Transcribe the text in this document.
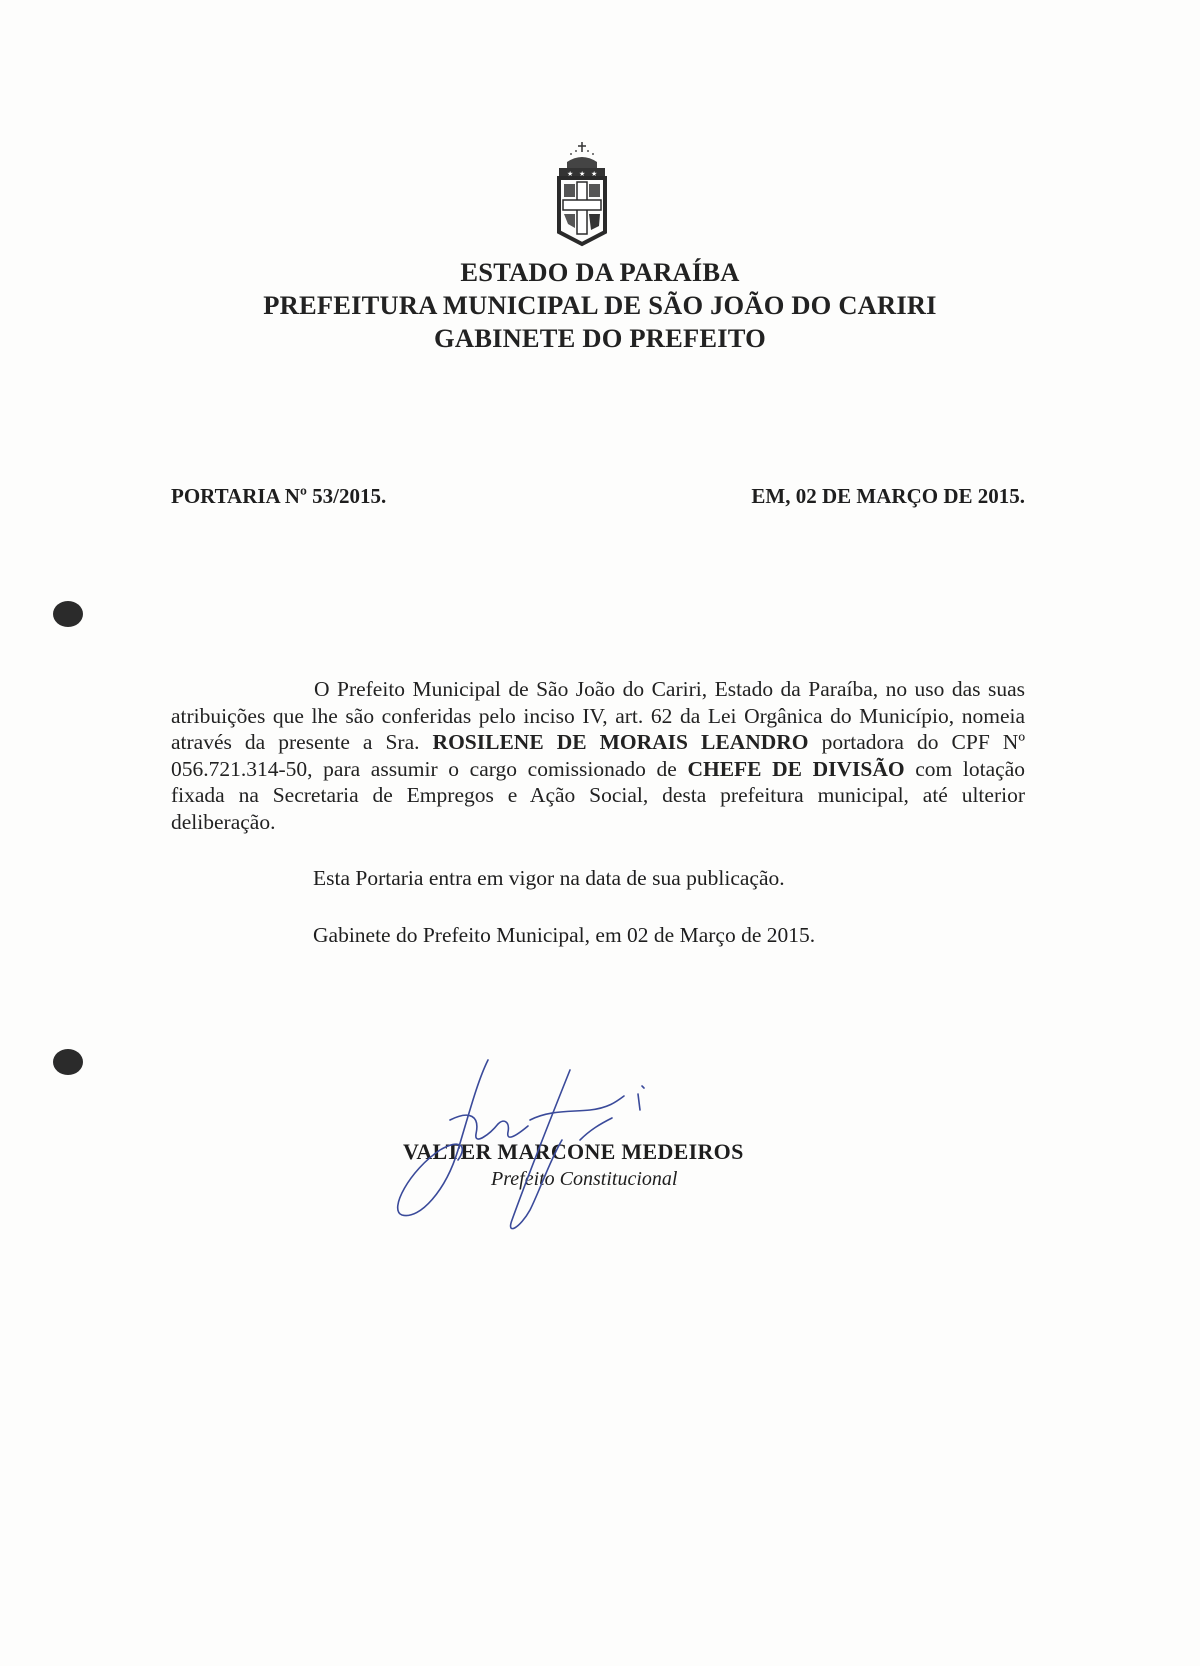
★ ★ ★
ESTADO DA PARAÍBA
PREFEITURA MUNICIPAL DE SÃO JOÃO DO CARIRI
GABINETE DO PREFEITO
PORTARIA Nº 53/2015.	EM, 02 DE MARÇO DE 2015.

O Prefeito Municipal de São João do Cariri, Estado da Paraíba, no uso das suas atribuições que lhe são conferidas pelo inciso IV, art. 62 da Lei Orgânica do Município, nomeia através da presente a Sra. ROSILENE DE MORAIS LEANDRO portadora do CPF Nº 056.721.314-50, para assumir o cargo comissionado de CHEFE DE DIVISÃO com lotação fixada na Secretaria de Empregos e Ação Social, desta prefeitura municipal, até ulterior deliberação.

Esta Portaria entra em vigor na data de sua publicação.
Gabinete do Prefeito Municipal, em 02 de Março de 2015.
VALTER MARCONE MEDEIROS
Prefeito Constitucional
